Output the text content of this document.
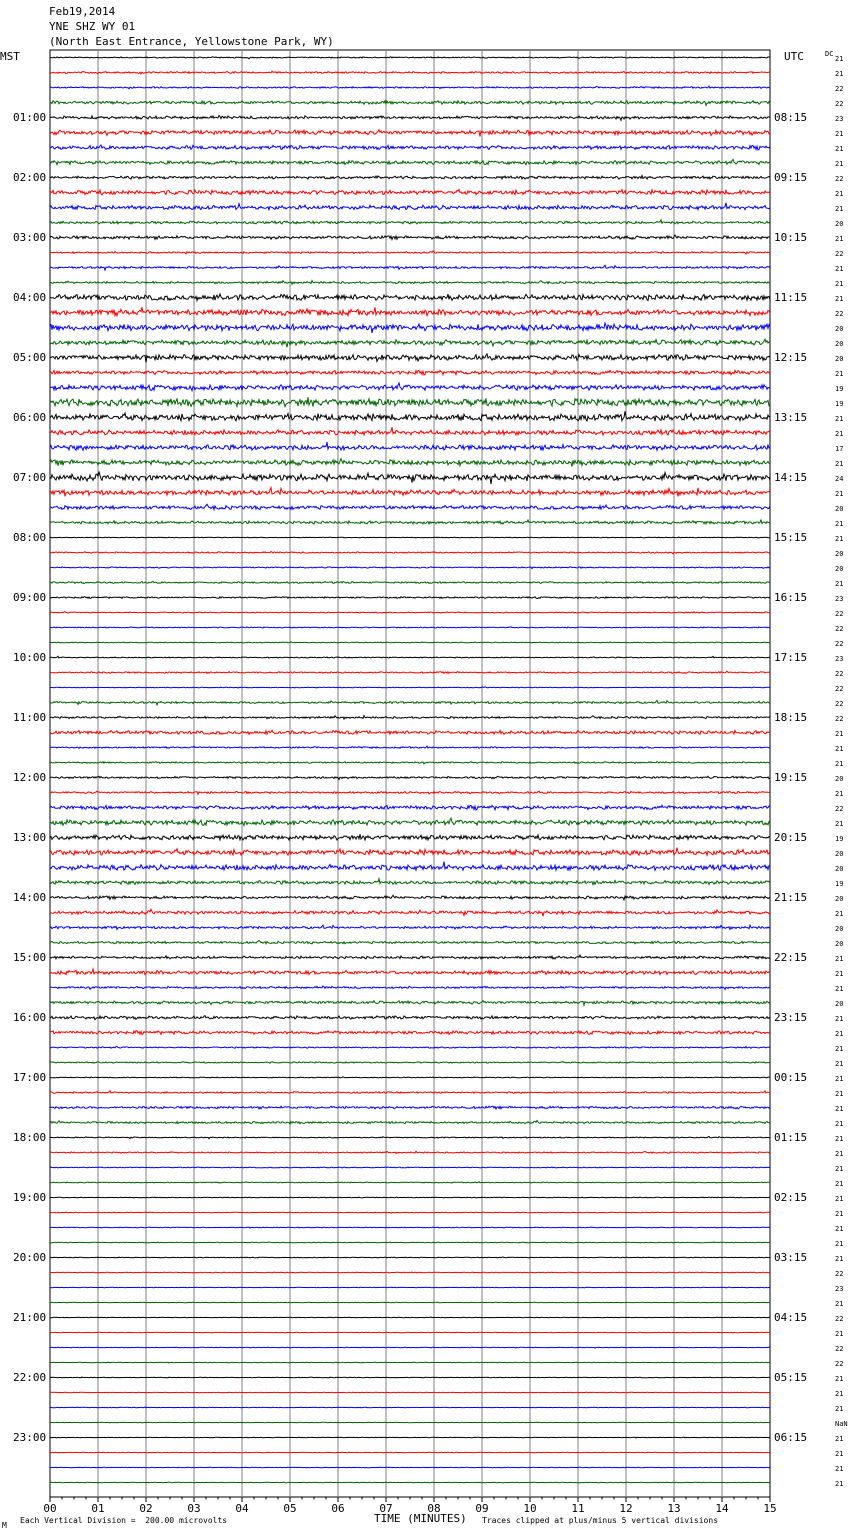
Feb19,2014
YNE SHZ WY 01
(North East Entrance, Yellowstone Park, WY)
MST	UTC	DC
00	01	02	03	04	05	06	07	08	09	10	11	12	13	14	15
M
Each Vertical Division =  200.00 microvolts	TIME (MINUTES) Traces clipped at plus/minus 5 vertical divisions
21
21
22
22
23
21
21
21
22
21
21
20
21
22
21
21
21
22
20
20
20
21
19
19
21
21
17
21
24
21
20
21
21
20
20
21
23
22
22
22
23
22
22
22
22
21
21
21
20
21
22
21
19
20
20
19
20
21
20
20
21
21
21
20
21
21
21
21
21
21
21
21
21
21
21
21
21
21
21
21
21
22
23
21
22
21
22
22
21
21
21
NaN
21
21
21
21
01:00
02:00
03:00
04:00
05:00
06:00
07:00
08:00
09:00
10:00
11:00
12:00
13:00
14:00
15:00
16:00
17:00
18:00
19:00
20:00
21:00
22:00
23:00
08:15
09:15
10:15
11:15
12:15
13:15
14:15
15:15
16:15
17:15
18:15
19:15
20:15
21:15
22:15
23:15
00:15
01:15
02:15
03:15
04:15
05:15
06:15
